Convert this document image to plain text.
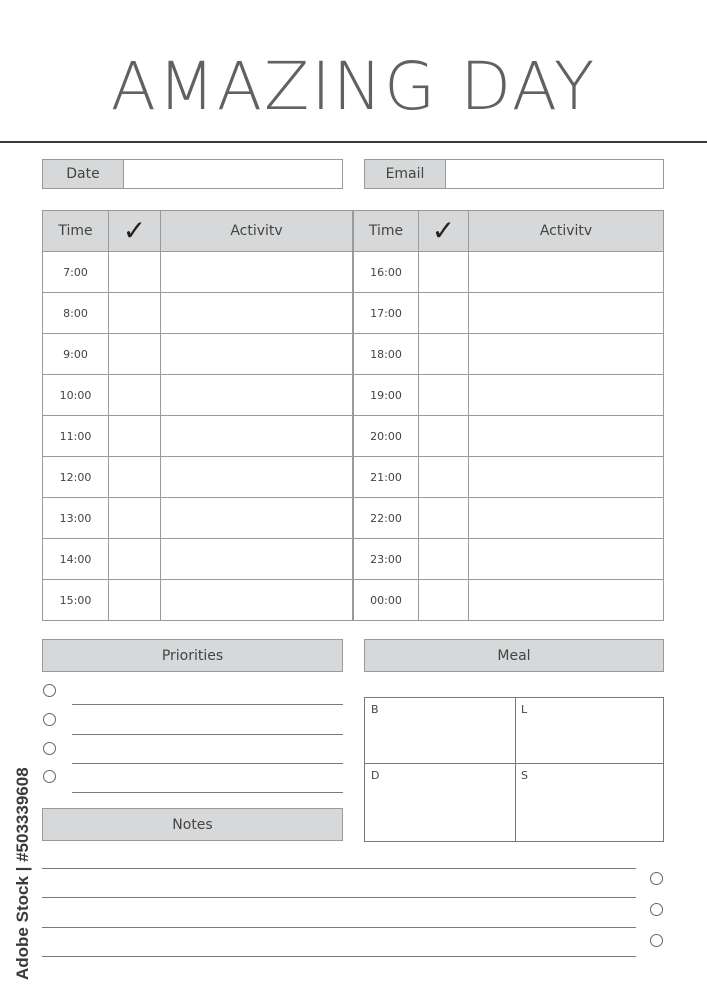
AMAZING DAY
Date	Email
Time	✓	Activitv
7:00		
8:00		
9:00		
10:00		
11:00		
12:00		
13:00		
14:00		
15:00		
Time	✓	Activitv
16:00		
17:00		
18:00		
19:00		
20:00		
21:00		
22:00		
23:00		
00:00		
Priorities	Meal
B	L
D	S
Notes
Adobe Stock | #503339608
